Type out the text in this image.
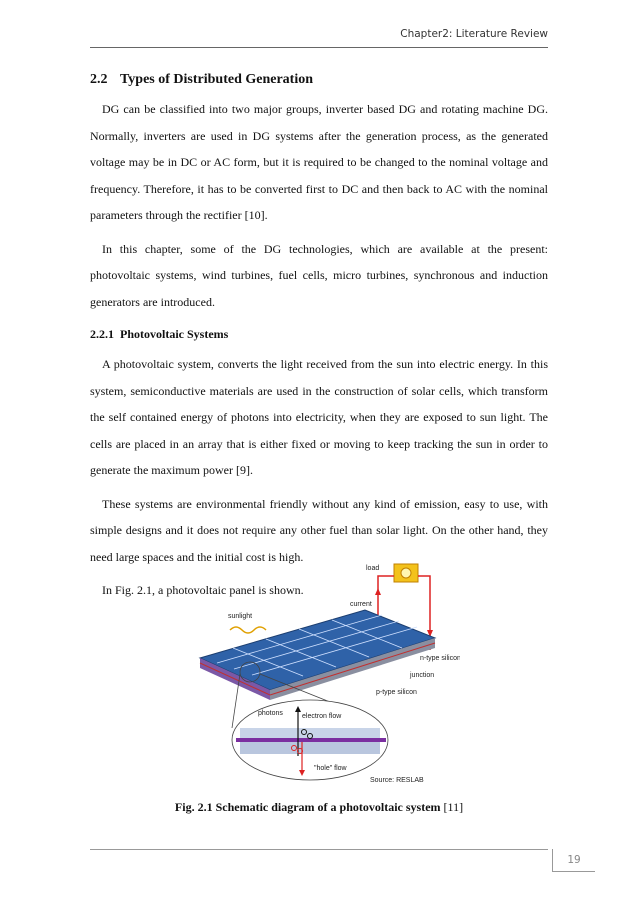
Chapter2: Literature Review
2.2 Types of Distributed Generation

DG can be classified into two major groups, inverter based DG and rotating machine DG. Normally, inverters are used in DG systems after the generation process, as the generated voltage may be in DC or AC form, but it is required to be changed to the nominal voltage and frequency. Therefore, it has to be converted first to DC and then back to AC with the nominal parameters through the rectifier [10].

In this chapter, some of the DG technologies, which are available at the present: photovoltaic systems, wind turbines, fuel cells, micro turbines, synchronous and induction generators are introduced.

2.2.1 Photovoltaic Systems

A photovoltaic system, converts the light received from the sun into electric energy. In this system, semiconductive materials are used in the construction of solar cells, which transform the self contained energy of photons into electricity, when they are exposed to sun light. The cells are placed in an array that is either fixed or moving to keep tracking the sun in order to generate the maximum power [9].

These systems are environmental friendly without any kind of emission, easy to use, with simple designs and it does not require any other fuel than solar light. On the other hand, they need large spaces and the initial cost is high.

In Fig. 2.1, a photovoltaic panel is shown.

load
current
sunlight
n-type silicon
junction
p-type silicon
photons	electron flow
"hole" flow
Source: RESLAB
Fig. 2.1 Schematic diagram of a photovoltaic system [11]
19
